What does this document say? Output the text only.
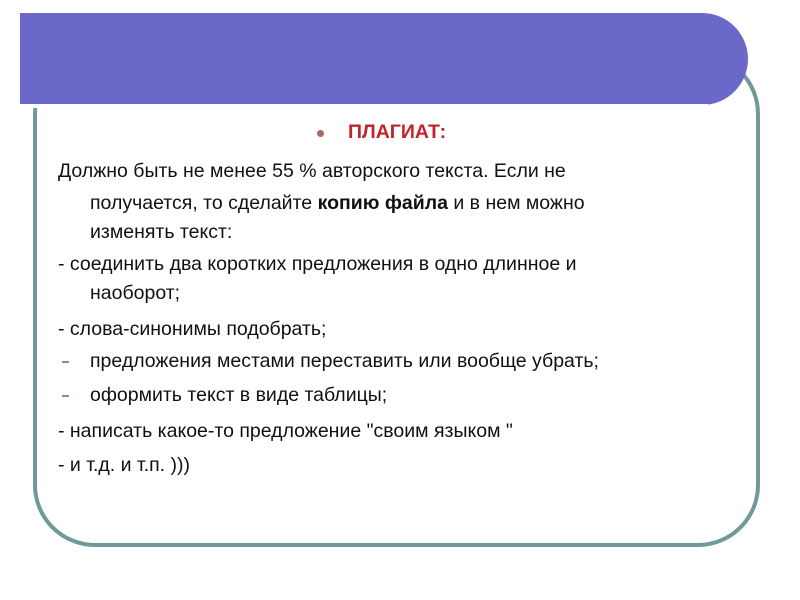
ПЛАГИАТ:
Должно быть не менее 55 % авторского текста. Если не
получается, то сделайте копию файла и в нем можно
изменять текст:
- соединить два коротких предложения в одно длинное и
наоборот;
- слова-синонимы подобрать;
предложения местами переставить или вообще убрать;
оформить текст в виде таблицы;
- написать какое-то предложение "своим языком "
- и т.д. и т.п. )))
